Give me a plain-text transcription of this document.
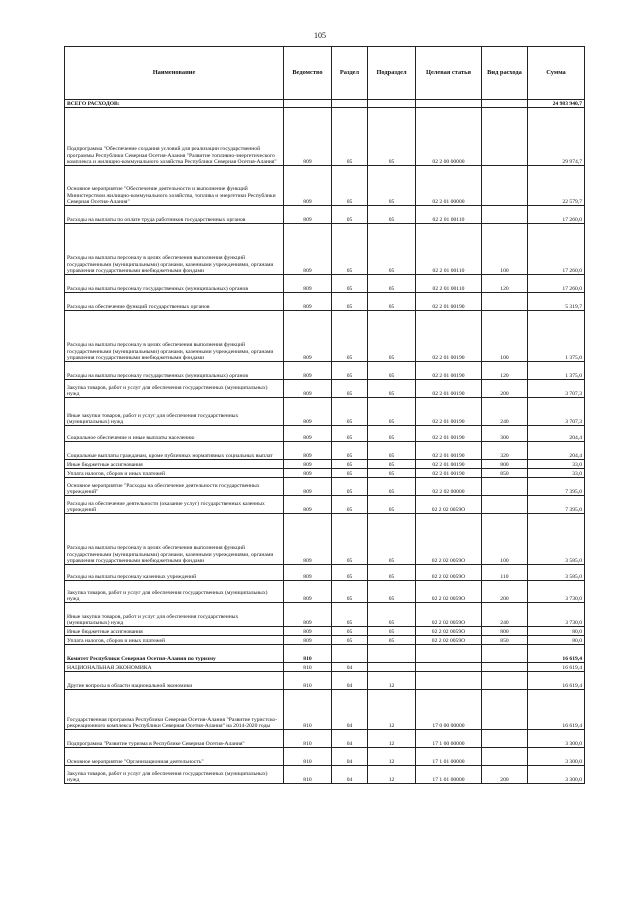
105
Наименование	Ведомство	Раздел	Подраздел	Целевая статья	Вид расхода	Сумма
ВСЕГО РАСХОДОВ:						24 983 940,7
Подпрограмма "Обеспечение создания условий для реализации государственной программы Республики Северная Осетия-Алания "Развитие топливно-энергетического комплекса и жилищно-коммунального хозяйства Республики Северная Осетия-Алания"	809	05	05	02 2 00 00000		29 974,7
Основное мероприятие "Обеспечение деятельности и выполнение функций Министерством жилищно-коммунального хозяйства, топлива и энергетики Республики Северная Осетия-Алания"	809	05	05	02 2 01 00000		22 579,7
Расходы на выплаты по оплате труда работников государственных органов	809	05	05	02 2 01 00110		17 260,0
Расходы на выплаты персоналу в целях обеспечения выполнения функций государственными (муниципальными) органами, казенными учреждениями, органами управления государственными внебюджетными фондами	809	05	05	02 2 01 00110	100	17 260,0
Расходы на выплаты персоналу государственных (муниципальных) органов	809	05	05	02 2 01 00110	120	17 260,0
Расходы на обеспечение функций государственных органов	809	05	05	02 2 01 00190		5 319,7
Расходы на выплаты персоналу в целях обеспечения выполнения функций государственными (муниципальными) органами, казенными учреждениями, органами управления государственными внебюджетными фондами	809	05	05	02 2 01 00190	100	1 375,0
Расходы на выплаты персоналу государственных (муниципальных) органов	809	05	05	02 2 01 00190	120	1 375,0
Закупка товаров, работ и услуг для обеспечения государственных (муниципальных) нужд	809	05	05	02 2 01 00190	200	3 707,3
Иные закупки товаров, работ и услуг для обеспечения государственных (муниципальных) нужд	809	05	05	02 2 01 00190	240	3 707,3
Социальное обеспечение и иные выплаты населению	809	05	05	02 2 01 00190	300	204,4
Социальные выплаты гражданам, кроме публичных нормативных социальных выплат	809	05	05	02 2 01 00190	320	204,4
Иные бюджетные ассигнования	809	05	05	02 2 01 00190	800	33,0
Уплата налогов, сборов и иных платежей	809	05	05	02 2 01 00190	850	33,0
Основное мероприятие "Расходы на обеспечение деятельности государственных учреждений"	809	05	05	02 2 02 00000		7 395,0
Расходы на обеспечение деятельности (оказание услуг) государственных казенных учреждений	809	05	05	02 2 02 0059О		7 395,0
Расходы на выплаты персоналу в целях обеспечения выполнения функций государственными (муниципальными) органами, казенными учреждениями, органами управления государственными внебюджетными фондами	809	05	05	02 2 02 0059О	100	3 585,0
Расходы на выплаты персоналу казенных учреждений	809	05	05	02 2 02 0059О	110	3 585,0
Закупка товаров, работ и услуг для обеспечения государственных (муниципальных) нужд	809	05	05	02 2 02 0059О	200	3 730,0
Иные закупки товаров, работ и услуг для обеспечения государственных (муниципальных) нужд	809	05	05	02 2 02 0059О	240	3 730,0
Иные бюджетные ассигнования	809	05	05	02 2 02 0059О	800	80,0
Уплата налогов, сборов и иных платежей	809	05	05	02 2 02 0059О	850	80,0
Комитет Республики Северная Осетия-Алания по туризму	810					16 619,4
НАЦИОНАЛЬНАЯ ЭКОНОМИКА	810	04				16 619,4
Другие вопросы в области национальной экономики	810	04	12			16 619,4
Государственная программа Республики Северная Осетия-Алания "Развитие туристско-рекреационного комплекса Республики Северная Осетия-Алания" на 2014-2020 годы	810	04	12	17 0 00 00000		16 619,4
Подпрограмма "Развитие туризма в Республике Северная Осетия-Алания"	810	04	12	17 1 00 00000		3 300,0
Основное мероприятие "Организационная деятельность"	810	04	12	17 1 01 00000		3 300,0
Закупка товаров, работ и услуг для обеспечения государственных (муниципальных) нужд	810	04	12	17 1 01 00000	200	3 300,0
